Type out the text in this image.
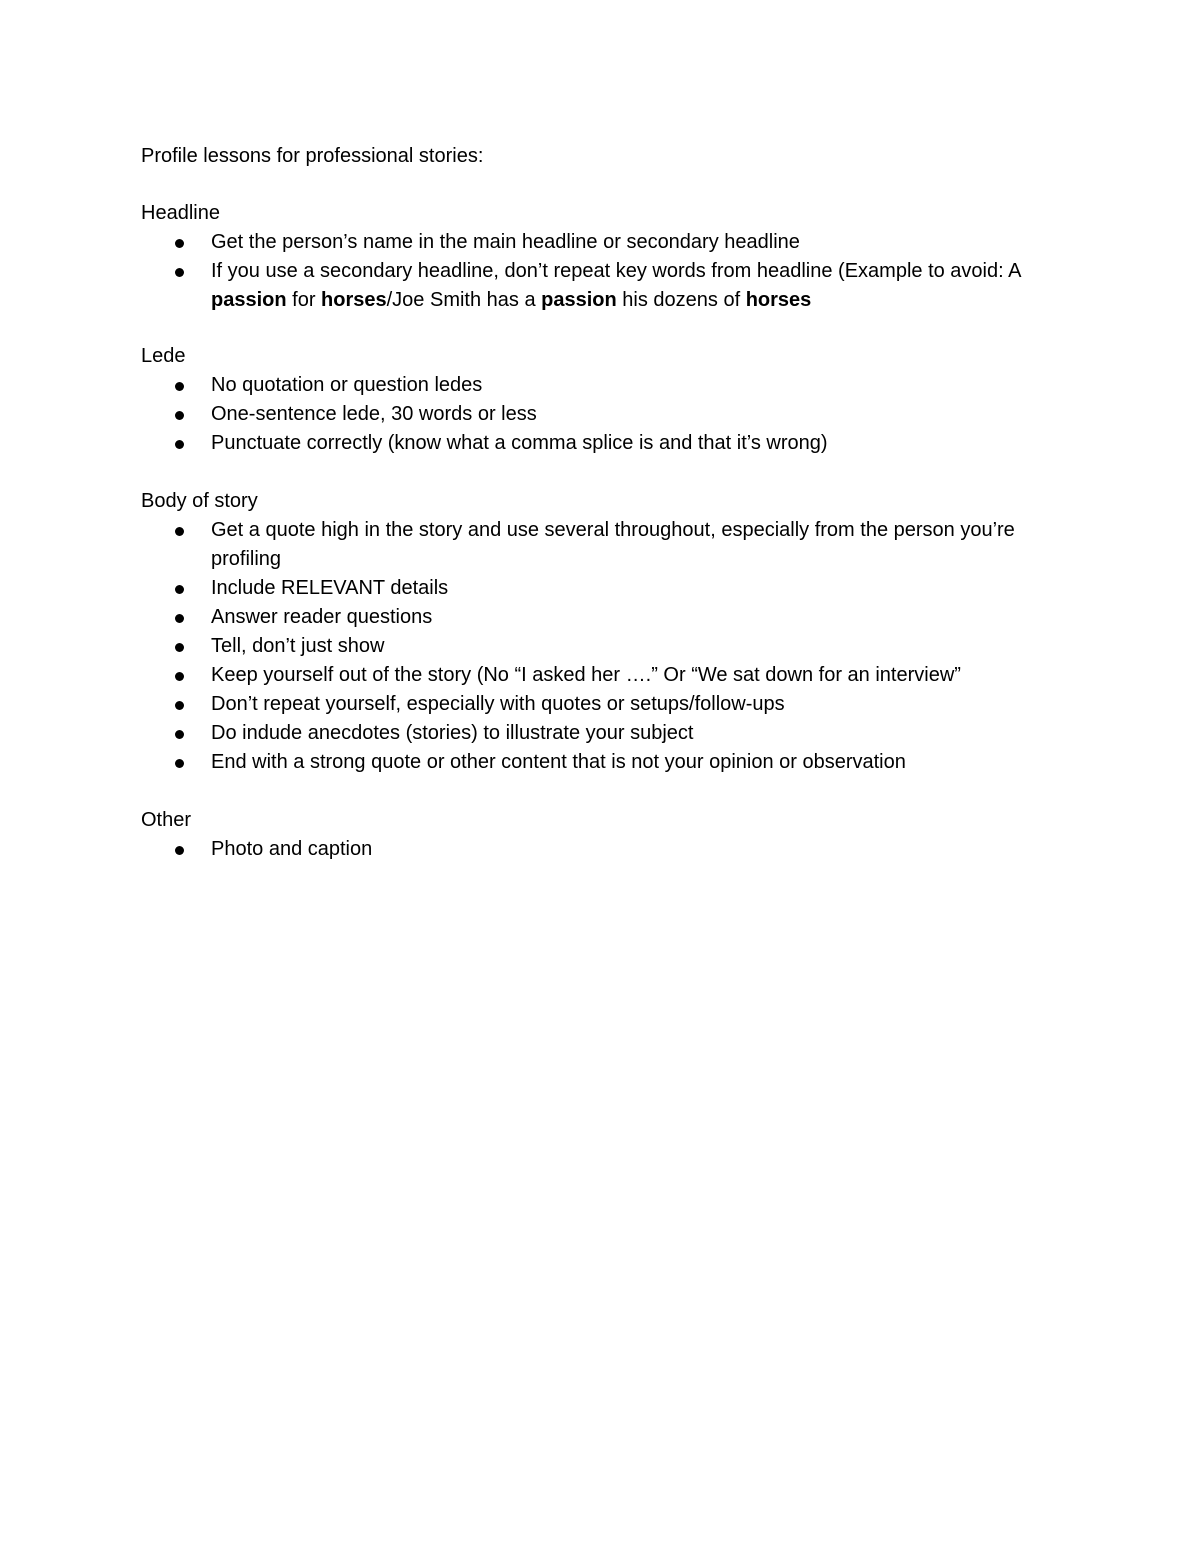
Profile lessons for professional stories:

Headline

Get the person’s name in the main headline or secondary headline
If you use a secondary headline, don’t repeat key words from headline (Example to avoid: A passion for horses/Joe Smith has a passion his dozens of horses

Lede

No quotation or question ledes
One-sentence lede, 30 words or less
Punctuate correctly (know what a comma splice is and that it’s wrong)

Body of story

Get a quote high in the story and use several throughout, especially from the person you’re profiling
Include RELEVANT details
Answer reader questions
Tell, don’t just show
Keep yourself out of the story (No “I asked her ….” Or “We sat down for an interview”
Don’t repeat yourself, especially with quotes or setups/follow-ups
Do indude anecdotes (stories) to illustrate your subject
End with a strong quote or other content that is not your opinion or observation

Other

Photo and caption
